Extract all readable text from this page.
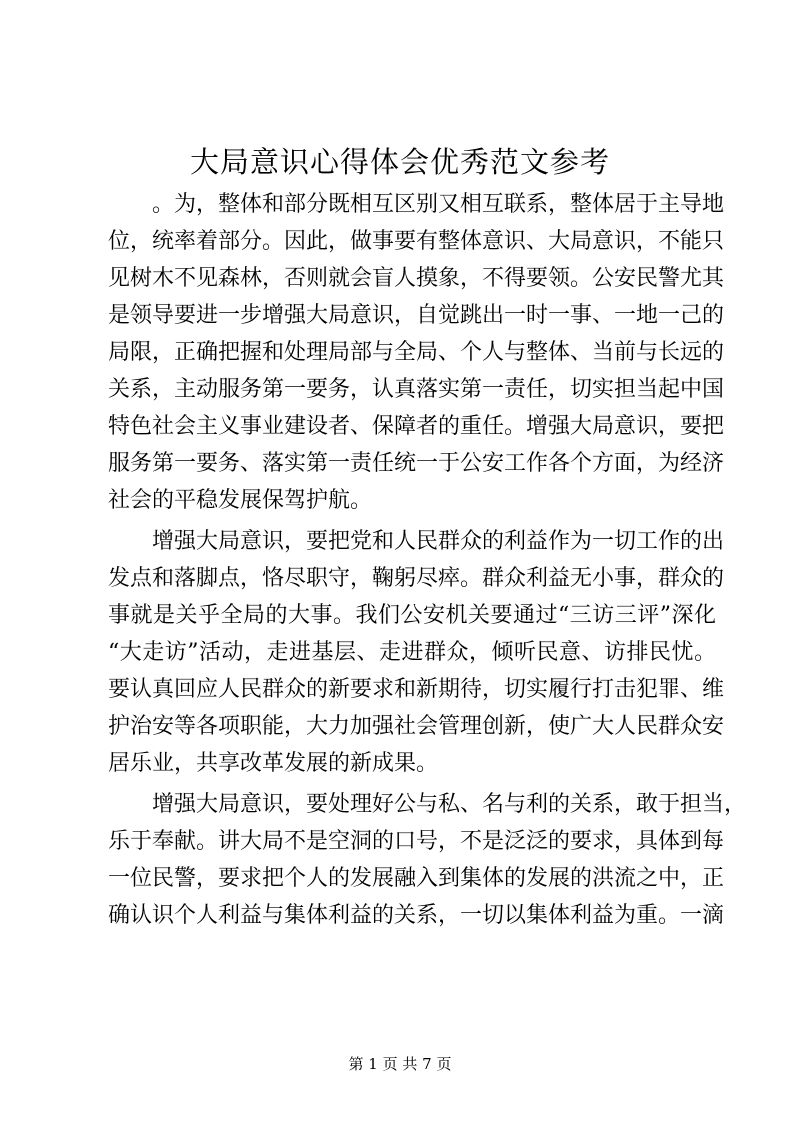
大局意识心得体会优秀范文参考
　　。为，整体和部分既相互区别又相互联系，整体居于主导地
位，统率着部分。因此，做事要有整体意识、大局意识，不能只
见树木不见森林，否则就会盲人摸象，不得要领。公安民警尤其
是领导要进一步增强大局意识，自觉跳出一时一事、一地一己的
局限，正确把握和处理局部与全局、个人与整体、当前与长远的
关系，主动服务第一要务，认真落实第一责任，切实担当起中国
特色社会主义事业建设者、保障者的重任。增强大局意识，要把
服务第一要务、落实第一责任统一于公安工作各个方面，为经济
社会的平稳发展保驾护航。
　　增强大局意识，要把党和人民群众的利益作为一切工作的出
发点和落脚点，恪尽职守，鞠躬尽瘁。群众利益无小事，群众的
事就是关乎全局的大事。我们公安机关要通过“三访三评”深化
“大走访”活动，走进基层、走进群众，倾听民意、访排民忧。
要认真回应人民群众的新要求和新期待，切实履行打击犯罪、维
护治安等各项职能，大力加强社会管理创新，使广大人民群众安
居乐业，共享改革发展的新成果。
　　增强大局意识，要处理好公与私、名与利的关系，敢于担当，
乐于奉献。讲大局不是空洞的口号，不是泛泛的要求，具体到每
一位民警，要求把个人的发展融入到集体的发展的洪流之中，正
确认识个人利益与集体利益的关系，一切以集体利益为重。一滴
第 1 页 共 7 页
